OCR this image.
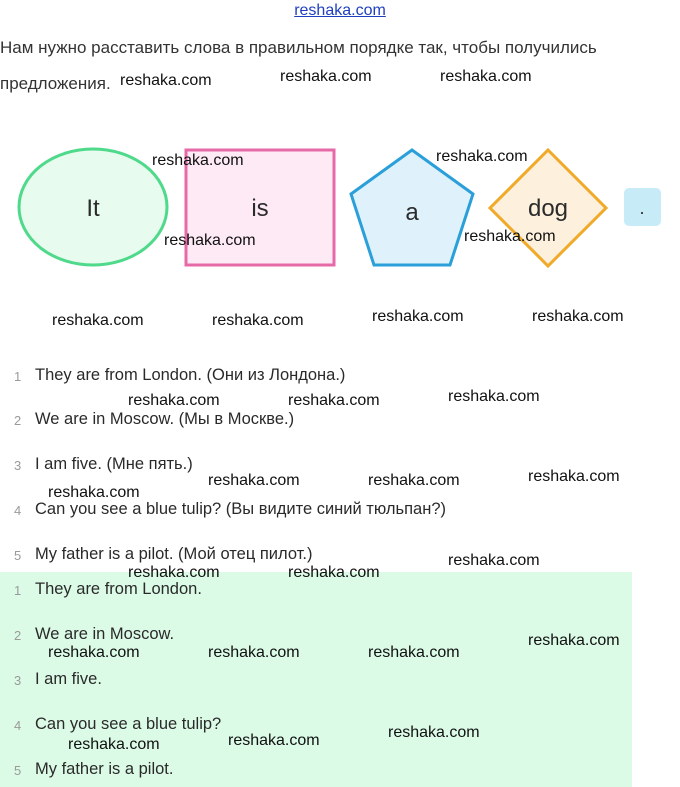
reshaka.com
Нам нужно расставить слова в правильном порядке так, чтобы получились предложения.
It	is	a	dog	.
1 They are from London. (Они из Лондона.)
2 We are in Moscow. (Мы в Москве.)
3 I am five. (Мне пять.)
4 Can you see a blue tulip? (Вы видите синий тюльпан?)
5 My father is a pilot. (Мой отец пилот.)
1 They are from London.
2 We are in Moscow.
3 I am five.
4 Can you see a blue tulip?
5 My father is a pilot.
reshaka.com	reshaka.com	reshaka.com
reshaka.com	reshaka.com
reshaka.com	reshaka.com
reshaka.com	reshaka.com	reshaka.com	reshaka.com
reshaka.com	reshaka.com	reshaka.com
reshaka.com	reshaka.com	reshaka.com
reshaka.com
reshaka.com	reshaka.com
reshaka.com
reshaka.com	reshaka.com	reshaka.com
reshaka.com
reshaka.com	reshaka.com	reshaka.com
